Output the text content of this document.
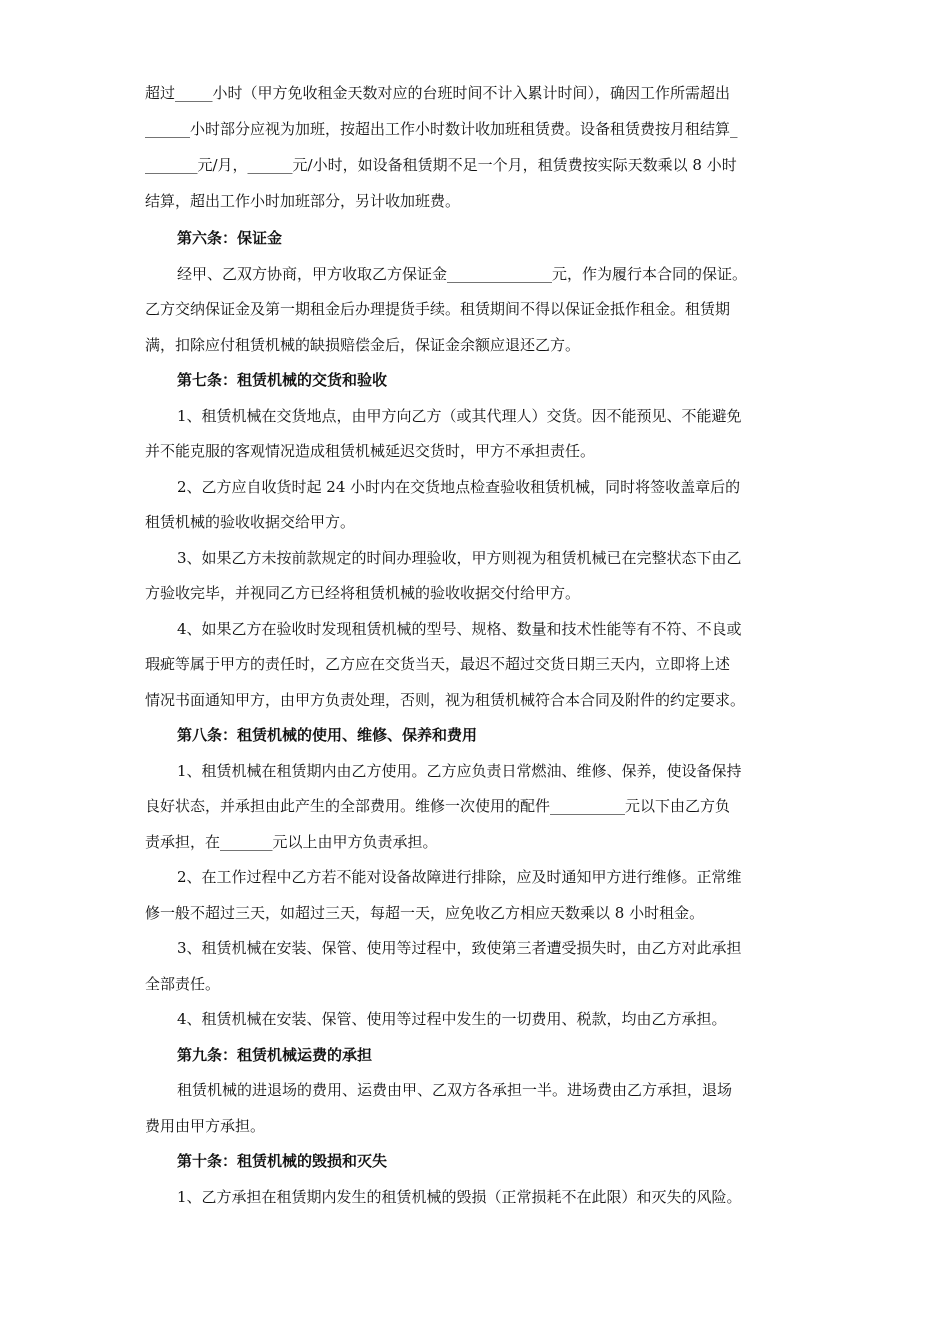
超过_____小时（甲方免收租金天数对应的台班时间不计入累计时间），确因工作所需超出
______小时部分应视为加班，按超出工作小时数计收加班租赁费。设备租赁费按月租结算_
_______元/月，______元/小时，如设备租赁期不足一个月，租赁费按实际天数乘以 8 小时
结算，超出工作小时加班部分，另计收加班费。
第六条：保证金
经甲、乙双方协商，甲方收取乙方保证金______________元，作为履行本合同的保证。
乙方交纳保证金及第一期租金后办理提货手续。租赁期间不得以保证金抵作租金。租赁期
满，扣除应付租赁机械的缺损赔偿金后，保证金余额应退还乙方。
第七条：租赁机械的交货和验收
1、租赁机械在交货地点，由甲方向乙方（或其代理人）交货。因不能预见、不能避免
并不能克服的客观情况造成租赁机械延迟交货时，甲方不承担责任。
2、乙方应自收货时起 24 小时内在交货地点检查验收租赁机械，同时将签收盖章后的
租赁机械的验收收据交给甲方。
3、如果乙方未按前款规定的时间办理验收，甲方则视为租赁机械已在完整状态下由乙
方验收完毕，并视同乙方已经将租赁机械的验收收据交付给甲方。
4、如果乙方在验收时发现租赁机械的型号、规格、数量和技术性能等有不符、不良或
瑕疵等属于甲方的责任时，乙方应在交货当天，最迟不超过交货日期三天内，立即将上述
情况书面通知甲方，由甲方负责处理，否则，视为租赁机械符合本合同及附件的约定要求。
第八条：租赁机械的使用、维修、保养和费用
1、租赁机械在租赁期内由乙方使用。乙方应负责日常燃油、维修、保养，使设备保持
良好状态，并承担由此产生的全部费用。维修一次使用的配件__________元以下由乙方负
责承担，在_______元以上由甲方负责承担。
2、在工作过程中乙方若不能对设备故障进行排除，应及时通知甲方进行维修。正常维
修一般不超过三天，如超过三天，每超一天，应免收乙方相应天数乘以 8 小时租金。
3、租赁机械在安装、保管、使用等过程中，致使第三者遭受损失时，由乙方对此承担
全部责任。
4、租赁机械在安装、保管、使用等过程中发生的一切费用、税款，均由乙方承担。
第九条：租赁机械运费的承担
租赁机械的进退场的费用、运费由甲、乙双方各承担一半。进场费由乙方承担，退场
费用由甲方承担。
第十条：租赁机械的毁损和灭失
1、乙方承担在租赁期内发生的租赁机械的毁损（正常损耗不在此限）和灭失的风险。
